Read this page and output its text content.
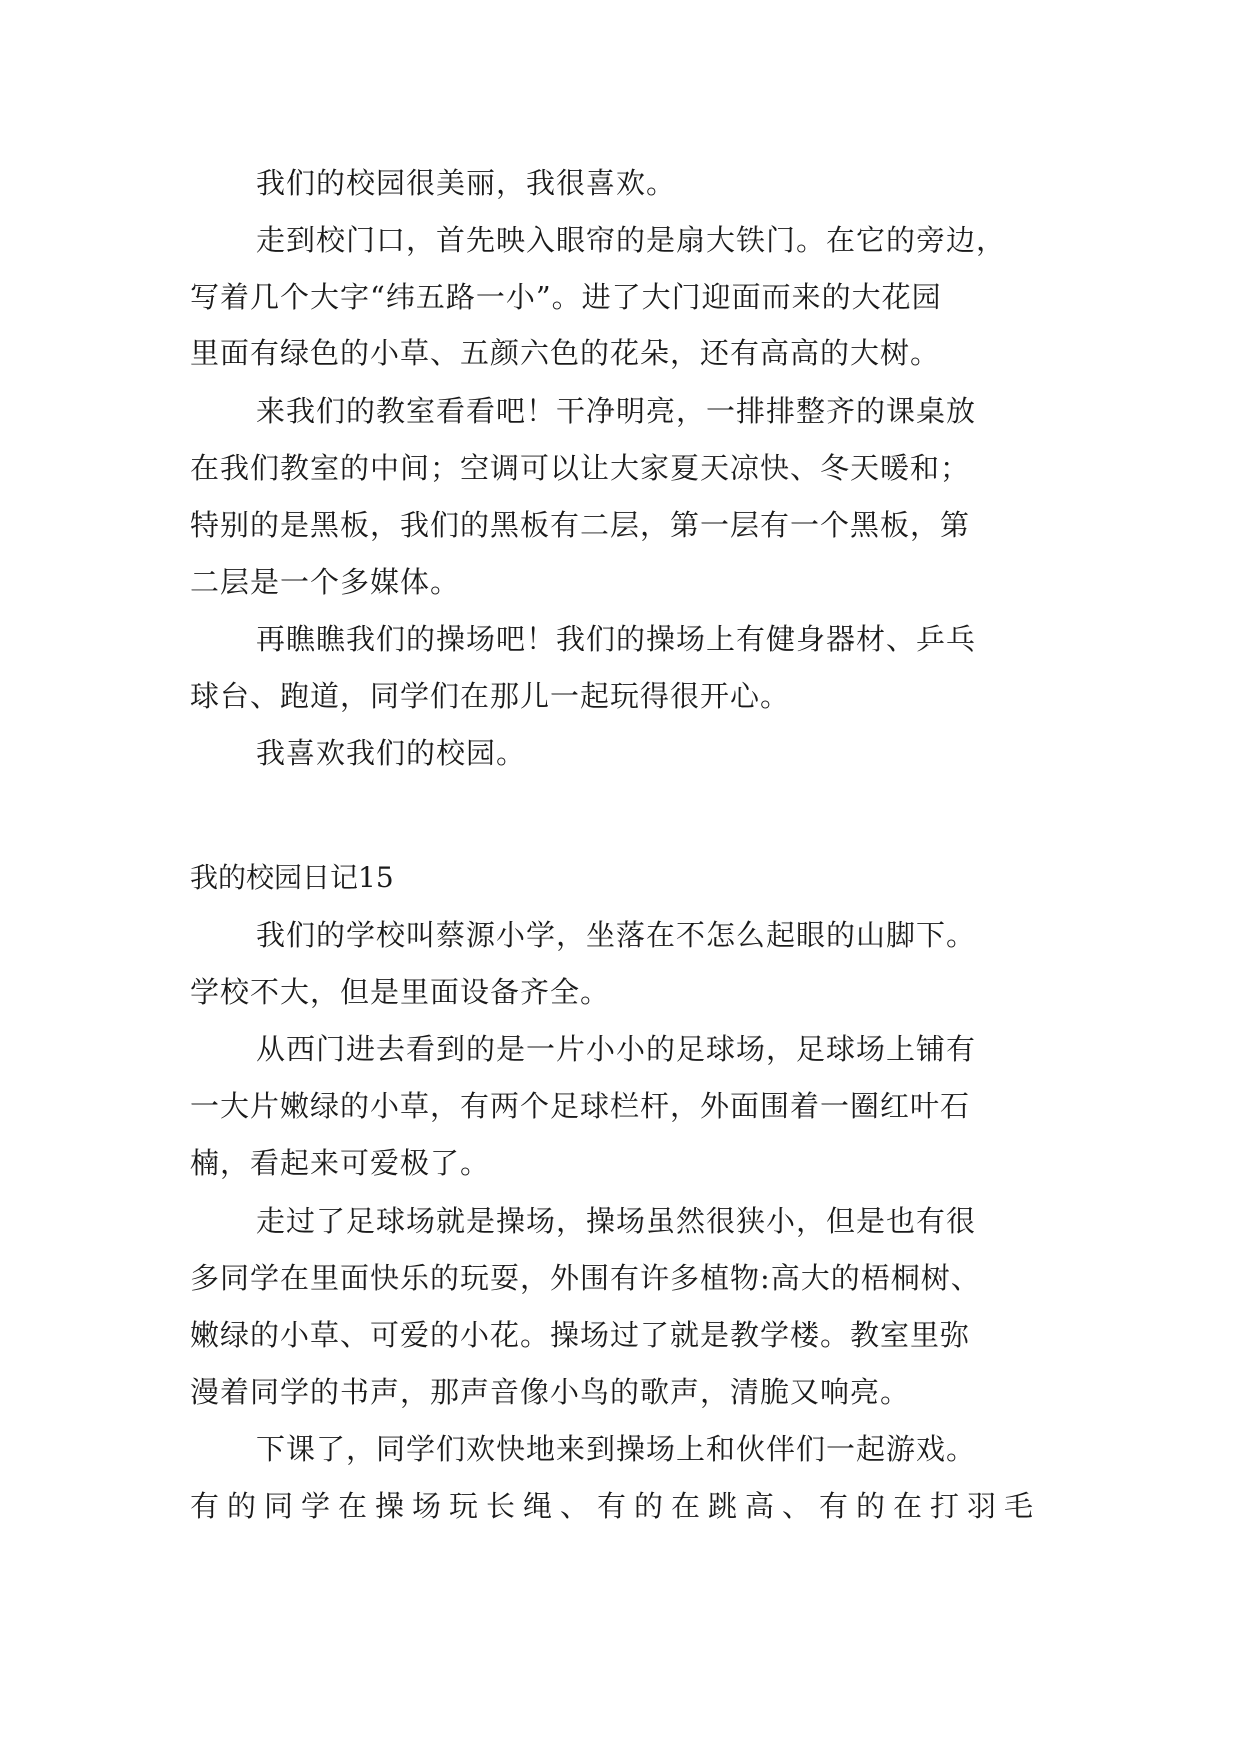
我们的校园很美丽，我很喜欢。
走到校门口，首先映入眼帘的是扇大铁门。在它的旁边，
写着几个大字“纬五路一小”。进了大门迎面而来的大花园
里面有绿色的小草、五颜六色的花朵，还有高高的大树。
来我们的教室看看吧！干净明亮，一排排整齐的课桌放
在我们教室的中间；空调可以让大家夏天凉快、冬天暖和；
特别的是黑板，我们的黑板有二层，第一层有一个黑板，第
二层是一个多媒体。
再瞧瞧我们的操场吧！我们的操场上有健身器材、乒乓
球台、跑道，同学们在那儿一起玩得很开心。
我喜欢我们的校园。
我的校园日记15
我们的学校叫蔡源小学，坐落在不怎么起眼的山脚下。
学校不大，但是里面设备齐全。
从西门进去看到的是一片小小的足球场，足球场上铺有
一大片嫩绿的小草，有两个足球栏杆，外面围着一圈红叶石
楠，看起来可爱极了。
走过了足球场就是操场，操场虽然很狭小，但是也有很
多同学在里面快乐的玩耍，外围有许多植物:高大的梧桐树、
嫩绿的小草、可爱的小花。操场过了就是教学楼。教室里弥
漫着同学的书声，那声音像小鸟的歌声，清脆又响亮。
下课了，同学们欢快地来到操场上和伙伴们一起游戏。
有的同学在操场玩长绳、有的在跳高、有的在打羽毛
